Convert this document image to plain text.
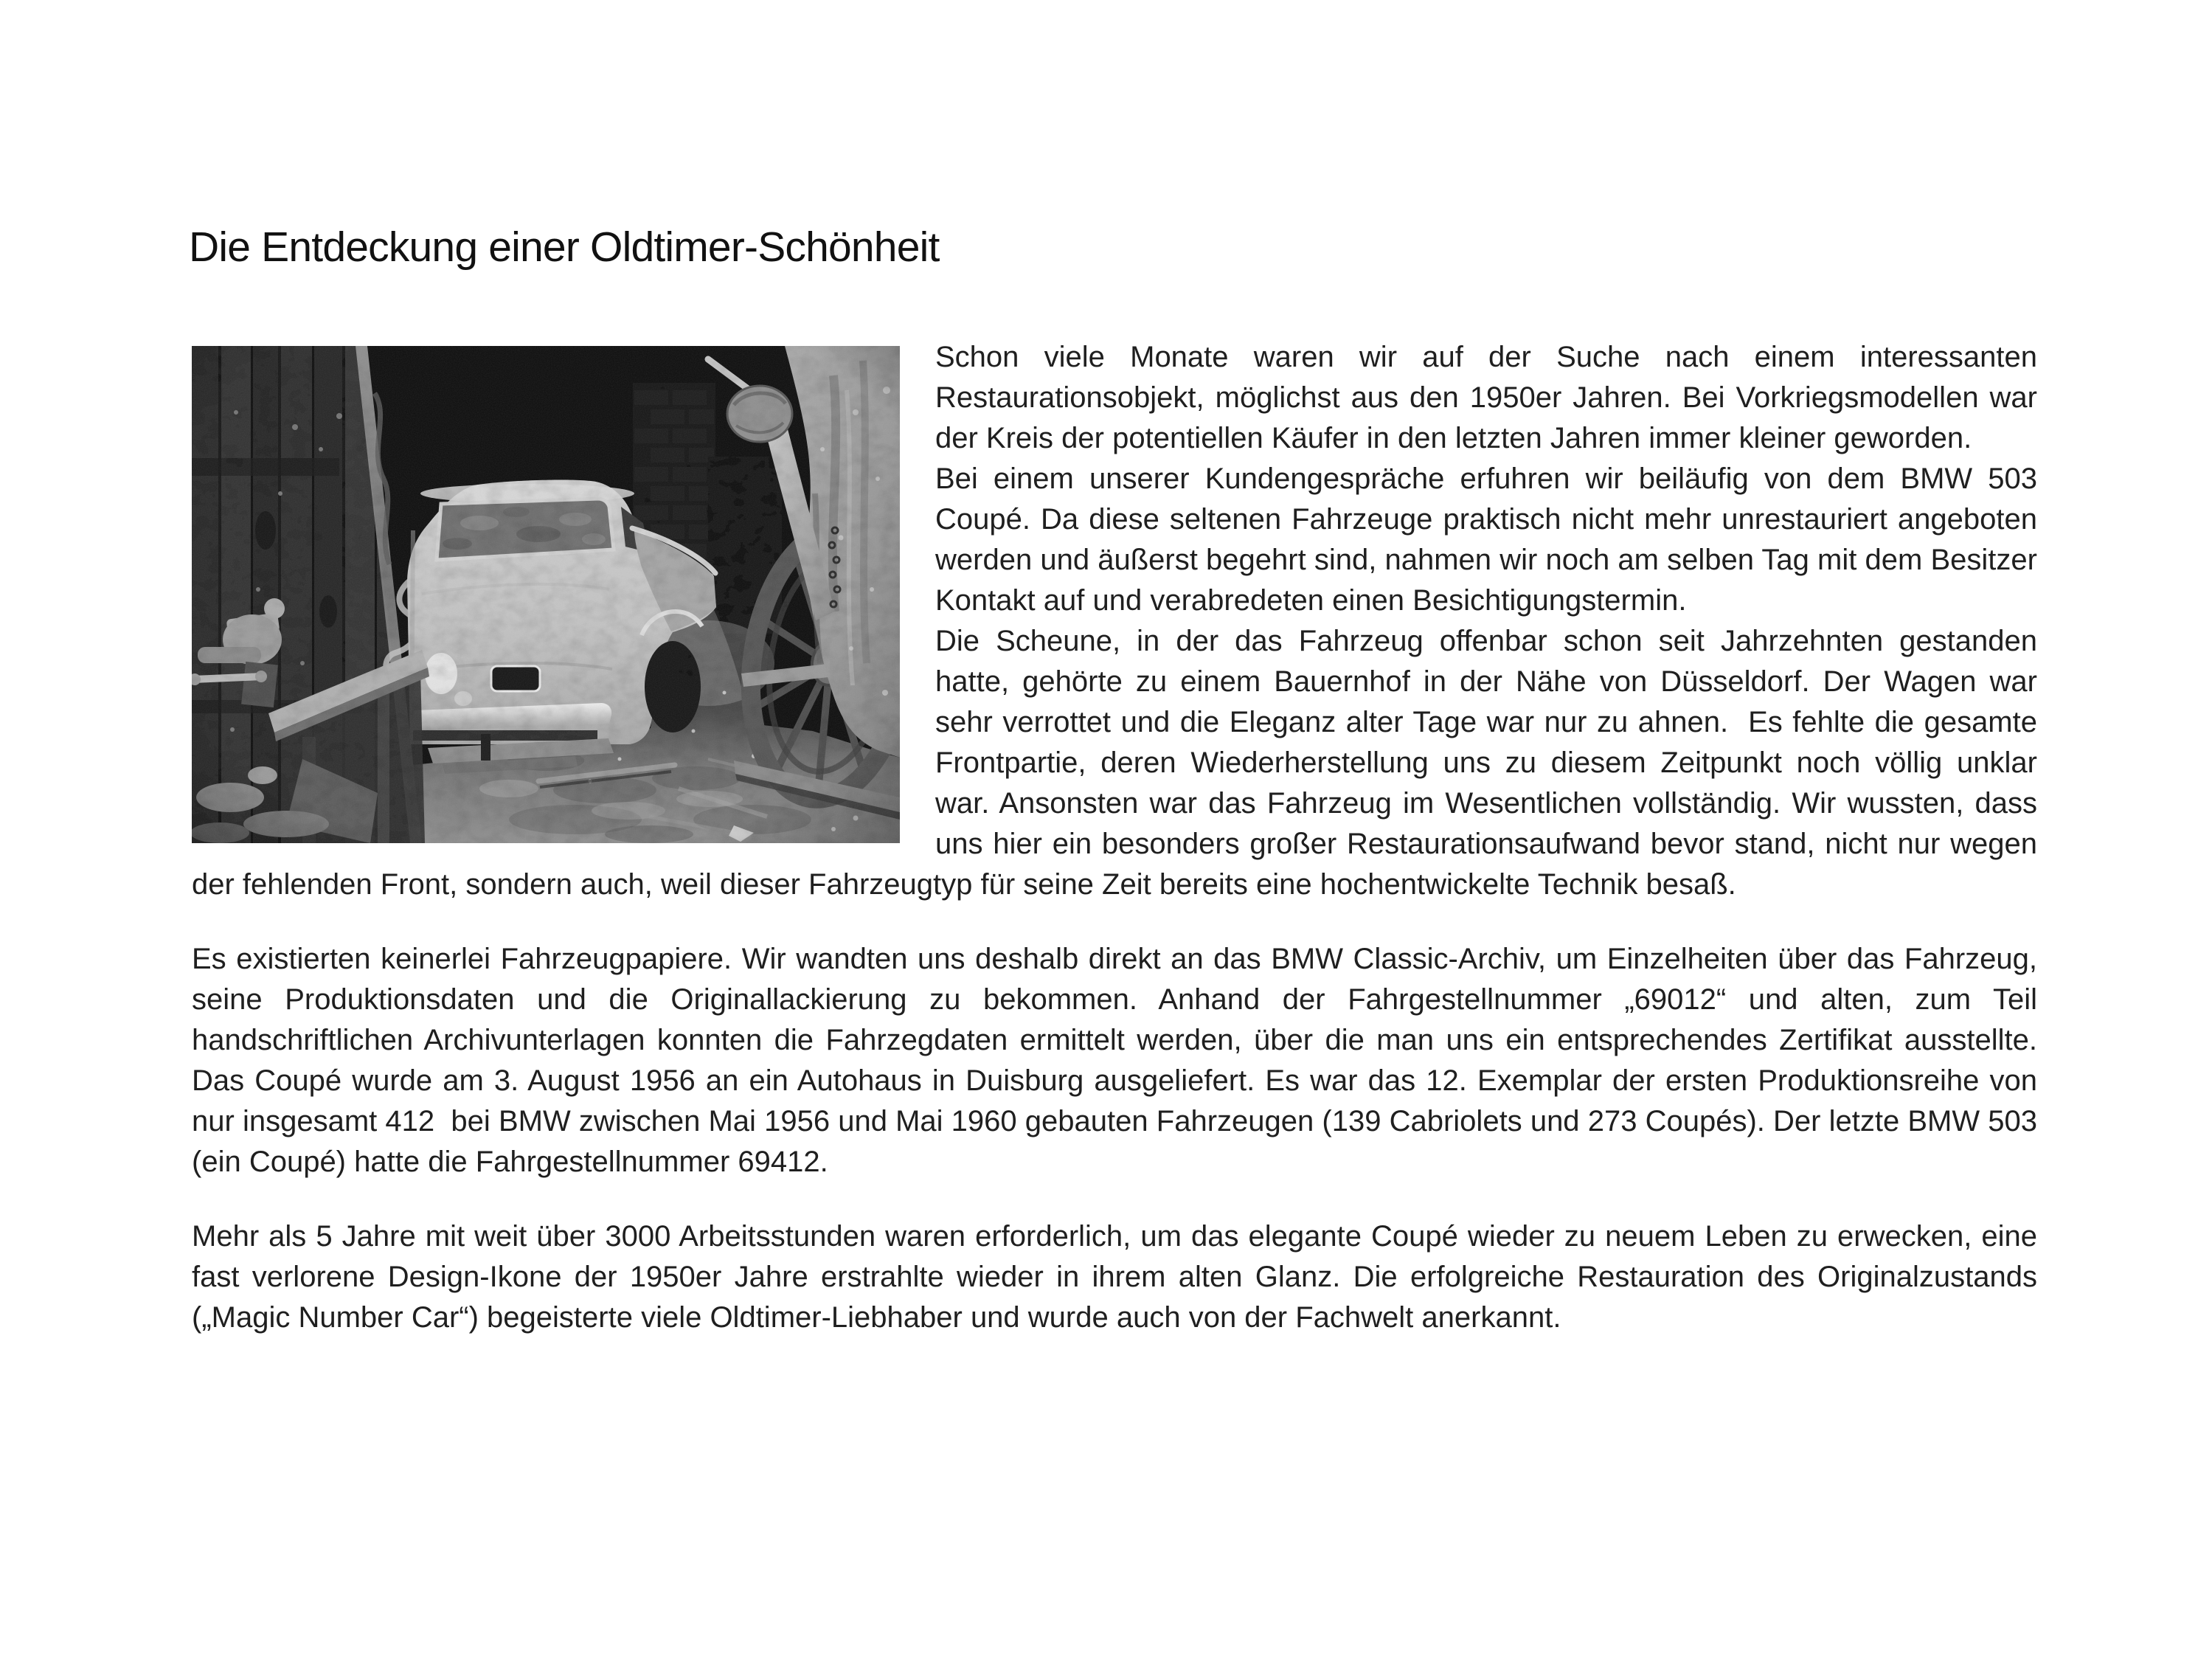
Die Entdeckung einer Oldtimer-Schönheit

Schon viele Monate waren wir auf der Suche nach einem interessanten Restaurationsobjekt, möglichst aus den 1950er Jahren. Bei Vorkriegsmodellen war der Kreis der potentiellen Käufer in den letzten Jahren immer kleiner geworden.

Bei einem unserer Kundengespräche erfuhren wir beiläufig von dem BMW 503 Coupé. Da diese seltenen Fahrzeuge praktisch nicht mehr unrestauriert angeboten werden und äußerst begehrt sind, nahmen wir noch am selben Tag mit dem Besitzer Kontakt auf und verabredeten einen Besichtigungstermin.

Die Scheune, in der das Fahrzeug offenbar schon seit Jahrzehnten gestanden hatte, gehörte zu einem Bauernhof in der Nähe von Düsseldorf. Der Wagen war sehr verrottet und die Eleganz alter Tage war nur zu ahnen.  Es fehlte die gesamte Frontpartie, deren Wiederherstellung uns zu diesem Zeitpunkt noch völlig unklar war. Ansonsten war das Fahrzeug im Wesentlichen vollständig. Wir wussten, dass uns hier ein besonders großer Restaurationsaufwand bevor stand, nicht nur wegen der fehlenden Front, sondern auch, weil dieser Fahrzeugtyp für seine Zeit bereits eine hochentwickelte Technik besaß.

Es existierten keinerlei Fahrzeugpapiere. Wir wandten uns deshalb direkt an das BMW Classic-Archiv, um Einzelheiten über das Fahrzeug, seine Produktionsdaten und die Originallackierung zu bekommen. Anhand der Fahrgestellnummer „69012“ und alten, zum Teil handschriftlichen Archivunterlagen konnten die Fahrzegdaten ermittelt werden, über die man uns ein entsprechendes Zertifikat ausstellte. Das Coupé wurde am 3. August 1956 an ein Autohaus in Duisburg ausgeliefert. Es war das 12. Exemplar der ersten Produktionsreihe von nur insgesamt 412  bei BMW zwischen Mai 1956 und Mai 1960 gebauten Fahrzeugen (139 Cabriolets und 273 Coupés). Der letzte BMW 503 (ein Coupé) hatte die Fahrgestellnummer 69412.

Mehr als 5 Jahre mit weit über 3000 Arbeitsstunden waren erforderlich, um das elegante Coupé wieder zu neuem Leben zu erwecken, eine fast verlorene Design-Ikone der 1950er Jahre erstrahlte wieder in ihrem alten Glanz. Die erfolgreiche Restauration des Originalzustands („Magic Number Car“) begeisterte viele Oldtimer-Liebhaber und wurde auch von der Fachwelt anerkannt.
